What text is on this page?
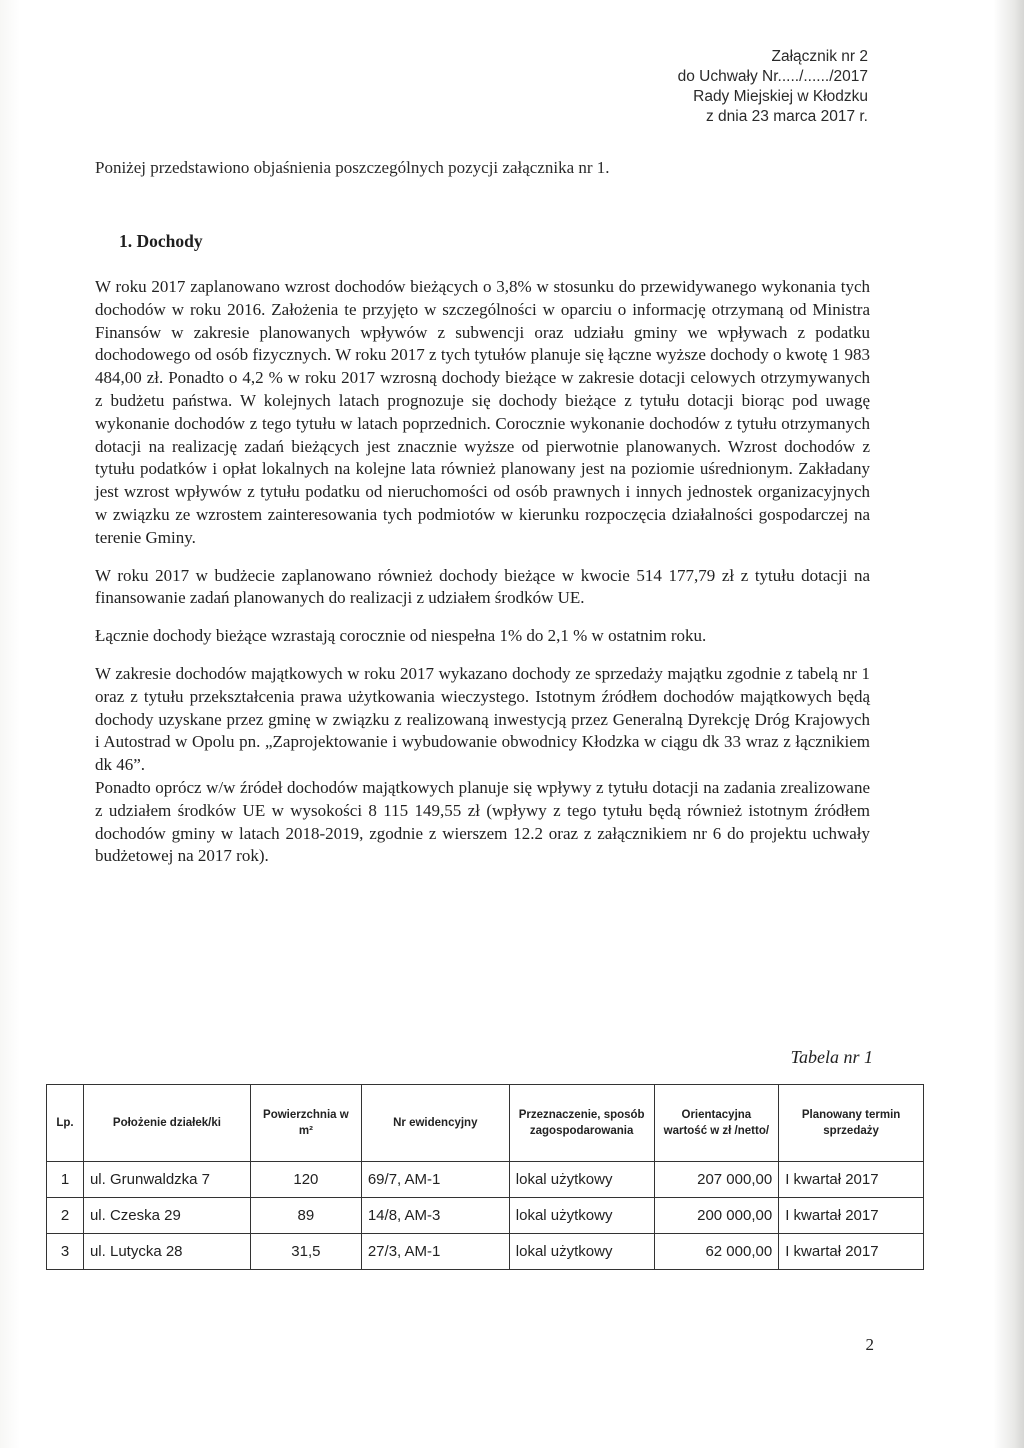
Załącznik nr 2
do Uchwały Nr...../....../2017
Rady Miejskiej w Kłodzku
z dnia 23 marca 2017 r.
Poniżej przedstawiono objaśnienia poszczególnych pozycji załącznika nr 1.
1. Dochody

W roku 2017 zaplanowano wzrost dochodów bieżących o 3,8% w stosunku do przewidywanego wykonania tych dochodów w roku 2016. Założenia te przyjęto w szczególności w oparciu o informację otrzymaną od Ministra Finansów w zakresie planowanych wpływów z subwencji oraz udziału gminy we wpływach z podatku dochodowego od osób fizycznych. W roku 2017 z tych tytułów planuje się łączne wyższe dochody o kwotę 1 983 484,00 zł. Ponadto o 4,2 % w roku 2017 wzrosną dochody bieżące w zakresie dotacji celowych otrzymywanych z budżetu państwa. W kolejnych latach prognozuje się dochody bieżące z tytułu dotacji biorąc pod uwagę wykonanie dochodów z tego tytułu w latach poprzednich. Corocznie wykonanie dochodów z tytułu otrzymanych dotacji na realizację zadań bieżących jest znacznie wyższe od pierwotnie planowanych. Wzrost dochodów z tytułu podatków i opłat lokalnych na kolejne lata również planowany jest na poziomie uśrednionym. Zakładany jest wzrost wpływów z tytułu podatku od nieruchomości od osób prawnych i innych jednostek organizacyjnych w związku ze wzrostem zainteresowania tych podmiotów w kierunku rozpoczęcia działalności gospodarczej na terenie Gminy.

W roku 2017 w budżecie zaplanowano również dochody bieżące w kwocie 514 177,79 zł z tytułu dotacji na finansowanie zadań planowanych do realizacji z udziałem środków UE.

Łącznie dochody bieżące wzrastają corocznie od niespełna 1% do 2,1 % w ostatnim roku.

W zakresie dochodów majątkowych w roku 2017 wykazano dochody ze sprzedaży majątku zgodnie z tabelą nr 1 oraz z tytułu przekształcenia prawa użytkowania wieczystego. Istotnym źródłem dochodów majątkowych będą dochody uzyskane przez gminę w związku z realizowaną inwestycją przez Generalną Dyrekcję Dróg Krajowych i Autostrad w Opolu pn. „Zaprojektowanie i wybudowanie obwodnicy Kłodzka w ciągu dk 33 wraz z łącznikiem dk 46”.

Ponadto oprócz w/w źródeł dochodów majątkowych planuje się wpływy z tytułu dotacji na zadania zrealizowane z udziałem środków UE w wysokości 8 115 149,55 zł (wpływy z tego tytułu będą również istotnym źródłem dochodów gminy w latach 2018-2019, zgodnie z wierszem 12.2 oraz z załącznikiem nr 6 do projektu uchwały budżetowej na 2017 rok).

Tabela nr 1
Lp.	Położenie działek/ki	Powierzchnia w m²	Nr ewidencyjny	Przeznaczenie, sposób zagospodarowania	Orientacyjna wartość w zł /netto/	Planowany termin sprzedaży
1	ul. Grunwaldzka 7	120	69/7, AM-1	lokal użytkowy	207 000,00	I kwartał 2017
2	ul. Czeska 29	89	14/8, AM-3	lokal użytkowy	200 000,00	I kwartał 2017
3	ul. Lutycka 28	31,5	27/3, AM-1	lokal użytkowy	62 000,00	I kwartał 2017
2
